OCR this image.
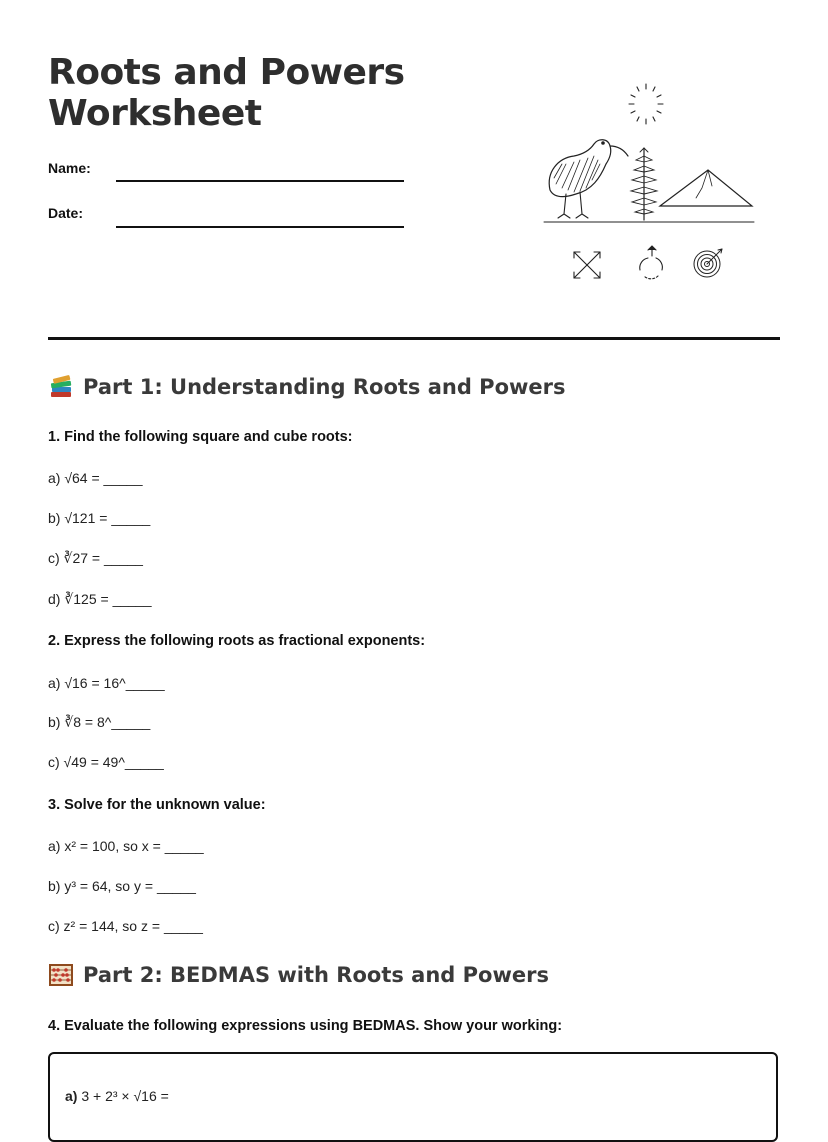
Roots and Powers Worksheet
Name:
Date:
Part 1: Understanding Roots and Powers
1. Find the following square and cube roots:
a) √64 = _____
b) √121 = _____
c) ∛27 = _____
d) ∛125 = _____
2. Express the following roots as fractional exponents:
a) √16 = 16^_____
b) ∛8 = 8^_____
c) √49 = 49^_____
3. Solve for the unknown value:
a) x² = 100, so x = _____
b) y³ = 64, so y = _____
c) z² = 144, so z = _____
Part 2: BEDMAS with Roots and Powers
4. Evaluate the following expressions using BEDMAS. Show your working:
a) 3 + 2³ × √16 =
